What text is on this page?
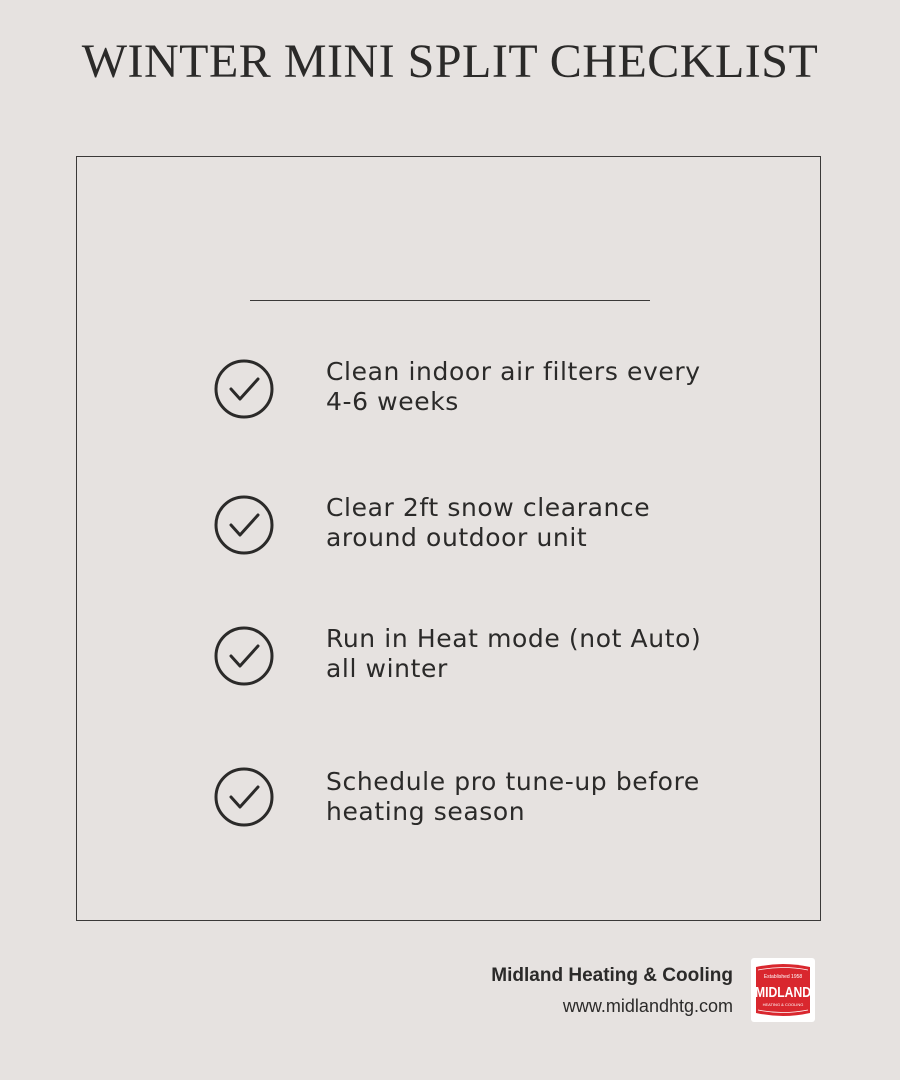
WINTER MINI SPLIT CHECKLIST
Clean indoor air filters every
4-6 weeks
Clear 2ft snow clearance
around outdoor unit
Run in Heat mode (not Auto)
all winter
Schedule pro tune-up before
heating season
Midland Heating & Cooling
www.midlandhtg.com
MIDLAND
Established 1958
HEATING & COOLING
